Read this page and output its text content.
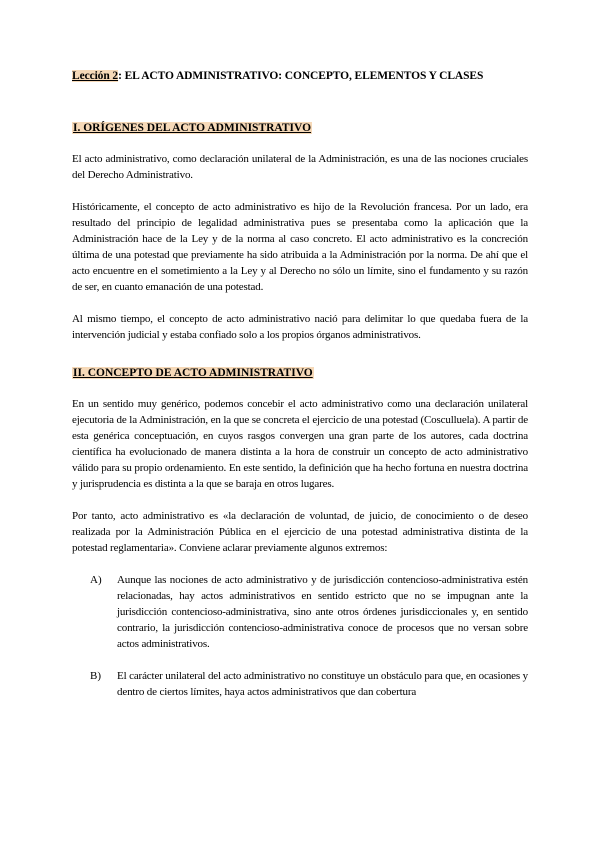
Lección 2: EL ACTO ADMINISTRATIVO: CONCEPTO, ELEMENTOS Y CLASES
I. ORÍGENES DEL ACTO ADMINISTRATIVO

El acto administrativo, como declaración unilateral de la Administración, es una de las nociones cruciales del Derecho Administrativo.

Históricamente, el concepto de acto administrativo es hijo de la Revolución francesa. Por un lado, era resultado del principio de legalidad administrativa pues se presentaba como la aplicación que la Administración hace de la Ley y de la norma al caso concreto. El acto administrativo es la concreción última de una potestad que previamente ha sido atribuida a la Administración por la norma. De ahí que el acto encuentre en el sometimiento a la Ley y al Derecho no sólo un límite, sino el fundamento y su razón de ser, en cuanto emanación de una potestad.

Al mismo tiempo, el concepto de acto administrativo nació para delimitar lo que quedaba fuera de la intervención judicial y estaba confiado solo a los propios órganos administrativos.

II. CONCEPTO DE ACTO ADMINISTRATIVO

En un sentido muy genérico, podemos concebir el acto administrativo como una declaración unilateral ejecutoria de la Administración, en la que se concreta el ejercicio de una potestad (Cosculluela). A partir de esta genérica conceptuación, en cuyos rasgos convergen una gran parte de los autores, cada doctrina científica ha evolucionado de manera distinta a la hora de construir un concepto de acto administrativo válido para su propio ordenamiento. En este sentido, la definición que ha hecho fortuna en nuestra doctrina y jurisprudencia es distinta a la que se baraja en otros lugares.

Por tanto, acto administrativo es «la declaración de voluntad, de juicio, de conocimiento o de deseo realizada por la Administración Pública en el ejercicio de una potestad administrativa distinta de la potestad reglamentaria». Conviene aclarar previamente algunos extremos:

A) Aunque las nociones de acto administrativo y de jurisdicción contencioso-administrativa estén relacionadas, hay actos administrativos en sentido estricto que no se impugnan ante la jurisdicción contencioso-administrativa, sino ante otros órdenes jurisdiccionales y, en sentido contrario, la jurisdicción contencioso-administrativa conoce de procesos que no versan sobre actos administrativos.

B) El carácter unilateral del acto administrativo no constituye un obstáculo para que, en ocasiones y dentro de ciertos límites, haya actos administrativos que dan cobertura
